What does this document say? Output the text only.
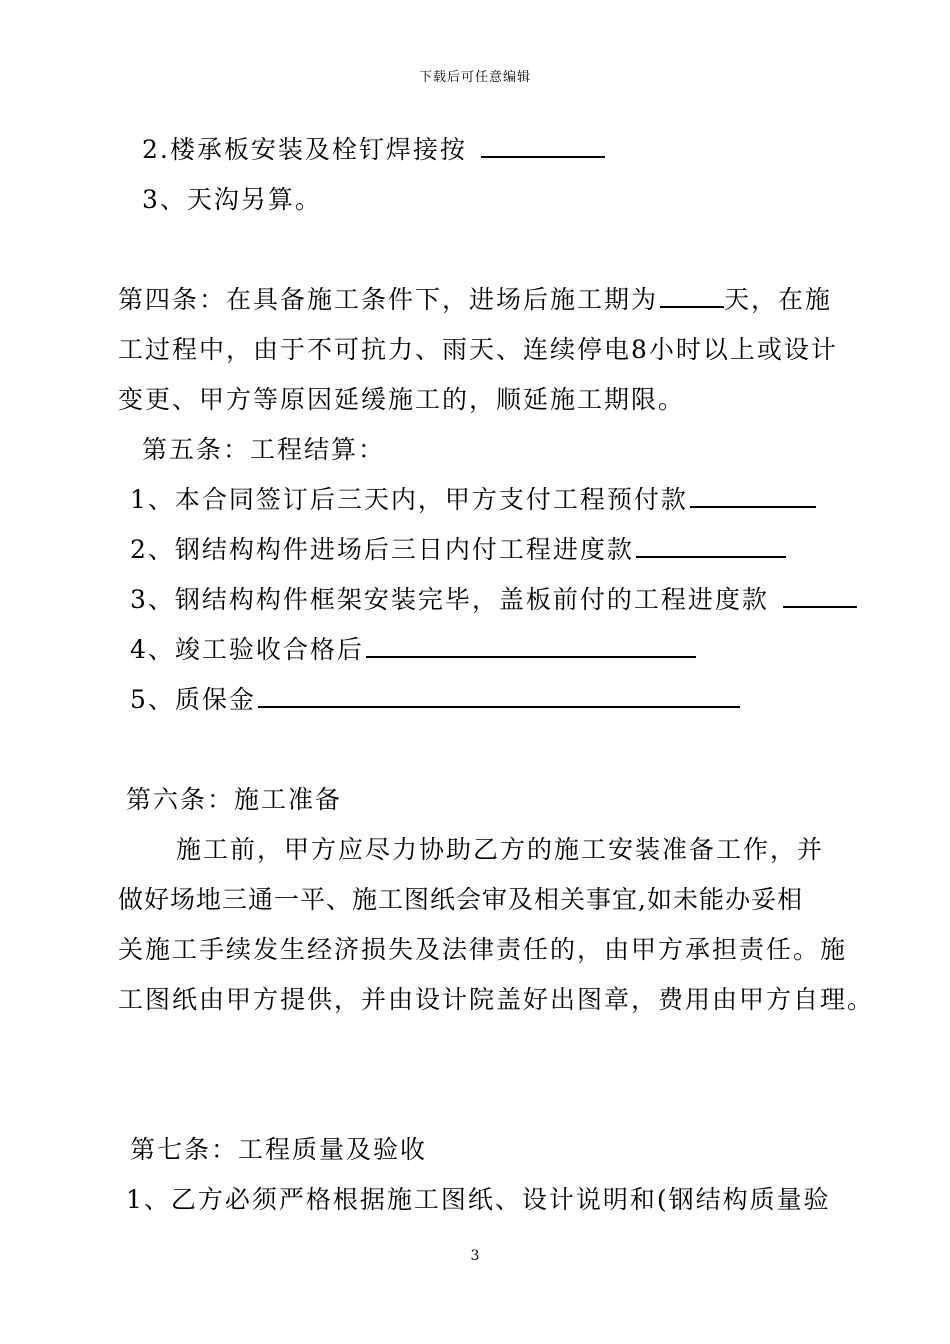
下载后可任意编辑
2.楼承板安装及栓钉焊接按
3、天沟另算。
第四条：在具备施工条件下，进场后施工期为	天，在施
工过程中，由于不可抗力、雨天、连续停电8小时以上或设计
变更、甲方等原因延缓施工的，顺延施工期限。
第五条：工程结算：
1、本合同签订后三天内，甲方支付工程预付款
2、钢结构构件进场后三日内付工程进度款
3、钢结构构件框架安装完毕，盖板前付的工程进度款
4、竣工验收合格后
5、质保金
第六条：施工准备
施工前，甲方应尽力协助乙方的施工安装准备工作，并
做好场地三通一平、施工图纸会审及相关事宜,如未能办妥相
关施工手续发生经济损失及法律责任的，由甲方承担责任。施
工图纸由甲方提供，并由设计院盖好出图章，费用由甲方自理。
第七条：工程质量及验收
1、乙方必须严格根据施工图纸、设计说明和(钢结构质量验
3
